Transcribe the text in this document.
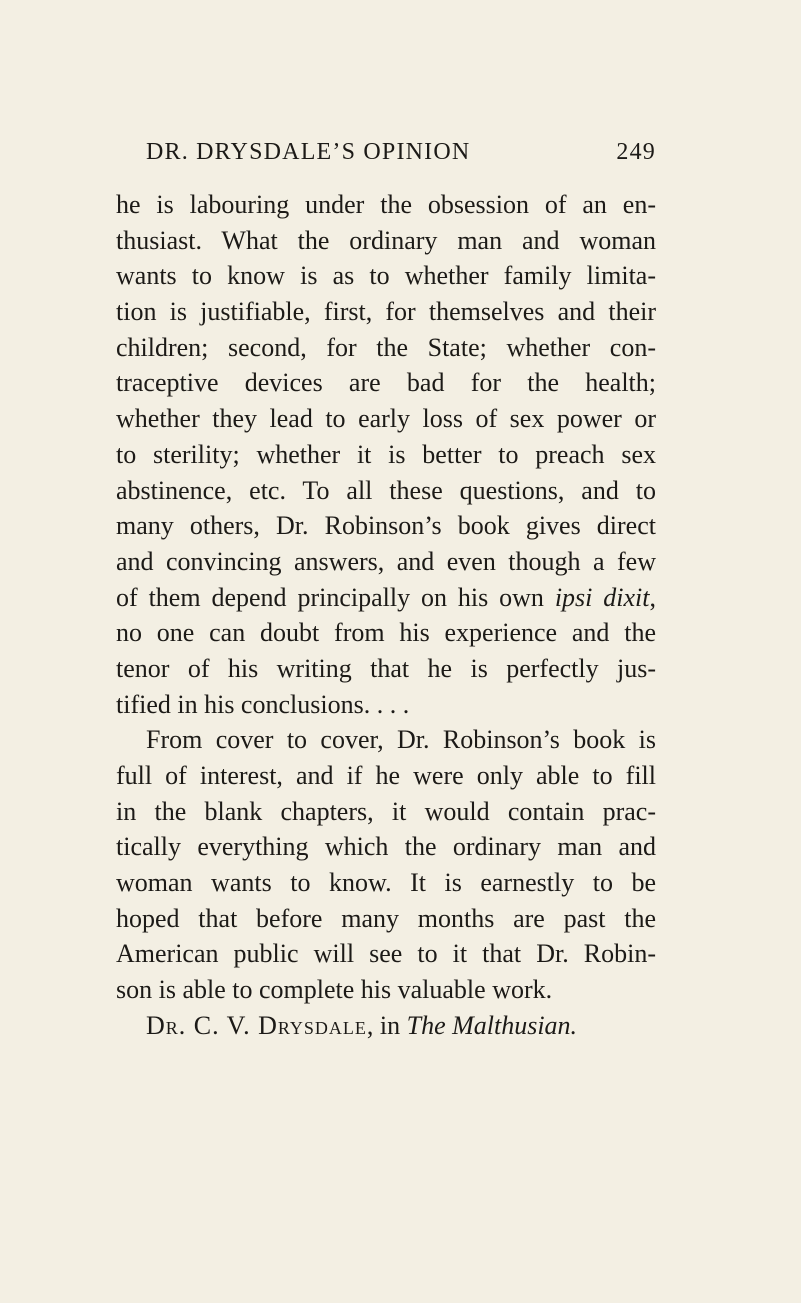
DR. DRYSDALE’S OPINION	249
he is labouring under the obsession of an en-
thusiast. What the ordinary man and woman
wants to know is as to whether family limita-
tion is justifiable, first, for themselves and their
children; second, for the State; whether con-
traceptive devices are bad for the health;
whether they lead to early loss of sex power or
to sterility; whether it is better to preach sex
abstinence, etc. To all these questions, and to
many others, Dr. Robinson’s book gives direct
and convincing answers, and even though a few
of them depend principally on his own ipsi dixit,
no one can doubt from his experience and the
tenor of his writing that he is perfectly jus-
tified in his conclusions. . . .
From cover to cover, Dr. Robinson’s book is
full of interest, and if he were only able to fill
in the blank chapters, it would contain prac-
tically everything which the ordinary man and
woman wants to know. It is earnestly to be
hoped that before many months are past the
American public will see to it that Dr. Robin-
son is able to complete his valuable work.
Dr. C. V. Drysdale, in The Malthusian.
